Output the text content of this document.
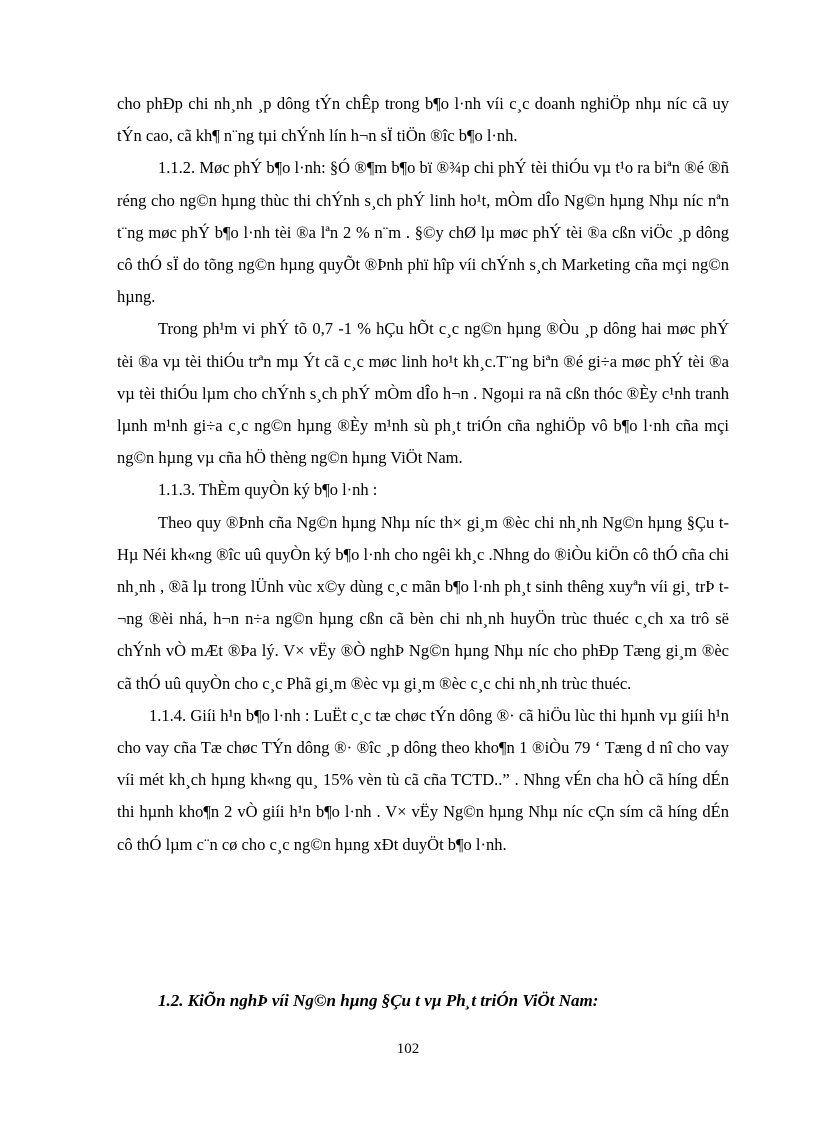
cho phÐp chi nh¸nh ¸p dông tÝn chÊp trong b¶o l·nh víi c¸c doanh nghiÖp nhµ níc cã uy tÝn cao, cã kh¶ n¨ng tµi chÝnh lín h¬n sÏ tiÖn ®îc b¶o l·nh.

1.1.2. Møc phÝ b¶o l·nh: §Ó ®¶m b¶o bï ®¾p chi phÝ tèi thiÓu vµ t¹o ra biªn ®é ®ñ réng cho ng©n hµng thùc thi chÝnh s¸ch phÝ linh ho¹t, mÒm dÎo Ng©n hµng Nhµ níc nªn t¨ng møc phÝ b¶o l·nh tèi ®a lªn 2 % n¨m . §©y chØ lµ møc phÝ tèi ®a cßn viÖc ¸p dông cô thÓ sÏ do tõng ng©n hµng quyÕt ®Þnh phï hîp víi chÝnh s¸ch Marketing cña mçi ng©n hµng.

Trong ph¹m vi phÝ tõ 0,7 -1 % hÇu hÕt c¸c ng©n hµng ®Òu ¸p dông hai møc phÝ tèi ®a vµ tèi thiÓu trªn mµ Ýt cã c¸c møc linh ho¹t kh¸c.T¨ng biªn ®é gi÷a møc phÝ tèi ®a vµ tèi thiÓu lµm cho chÝnh s¸ch phÝ mÒm dÎo h¬n . Ngoµi ra nã cßn thóc ®Èy c¹nh tranh lµnh m¹nh gi÷a c¸c ng©n hµng ®Èy m¹nh sù ph¸t triÓn cña nghiÖp vô b¶o l·nh cña mçi ng©n hµng vµ cña hÖ thèng ng©n hµng ViÖt Nam.

1.1.3. ThÈm quyÒn ký b¶o l·nh :

Theo quy ®Þnh cña Ng©n hµng Nhµ níc th× gi¸m ®èc chi nh¸nh Ng©n hµng §Çu t Hµ Néi kh«ng ®îc uû quyÒn ký b¶o l·nh cho ngêi kh¸c .Nhng do ®iÒu kiÖn cô thÓ cña chi nh¸nh , ®ã lµ trong lÜnh vùc x©y dùng c¸c mãn b¶o l·nh ph¸t sinh thêng xuyªn víi gi¸ trÞ t¬ng ®èi nhá, h¬n n÷a ng©n hµng cßn cã bèn chi nh¸nh huyÖn trùc thuéc c¸ch xa trô së chÝnh vÒ mÆt ®Þa lý. V× vËy ®Ò nghÞ Ng©n hµng Nhµ níc cho phÐp Tæng gi¸m ®èc cã thÓ uû quyÒn cho c¸c Phã gi¸m ®èc vµ gi¸m ®èc c¸c chi nh¸nh trùc thuéc.

1.1.4. Giíi h¹n b¶o l·nh : LuËt c¸c tæ chøc tÝn dông ®· cã hiÖu lùc thi hµnh vµ giíi h¹n cho vay cña Tæ chøc TÝn dông ®· ®îc ¸p dông theo kho¶n 1 ®iÒu 79 ‘ Tæng d nî cho vay víi mét kh¸ch hµng kh«ng qu¸ 15% vèn tù cã cña TCTD..” . Nhng vÉn cha hÒ cã híng dÉn thi hµnh kho¶n 2 vÒ giíi h¹n b¶o l·nh . V× vËy Ng©n hµng Nhµ níc cÇn sím cã híng dÉn cô thÓ lµm c¨n cø cho c¸c ng©n hµng xÐt duyÖt b¶o l·nh.

1.2. KiÕn nghÞ víi Ng©n hµng §Çu t vµ Ph¸t triÓn ViÖt Nam:
102
